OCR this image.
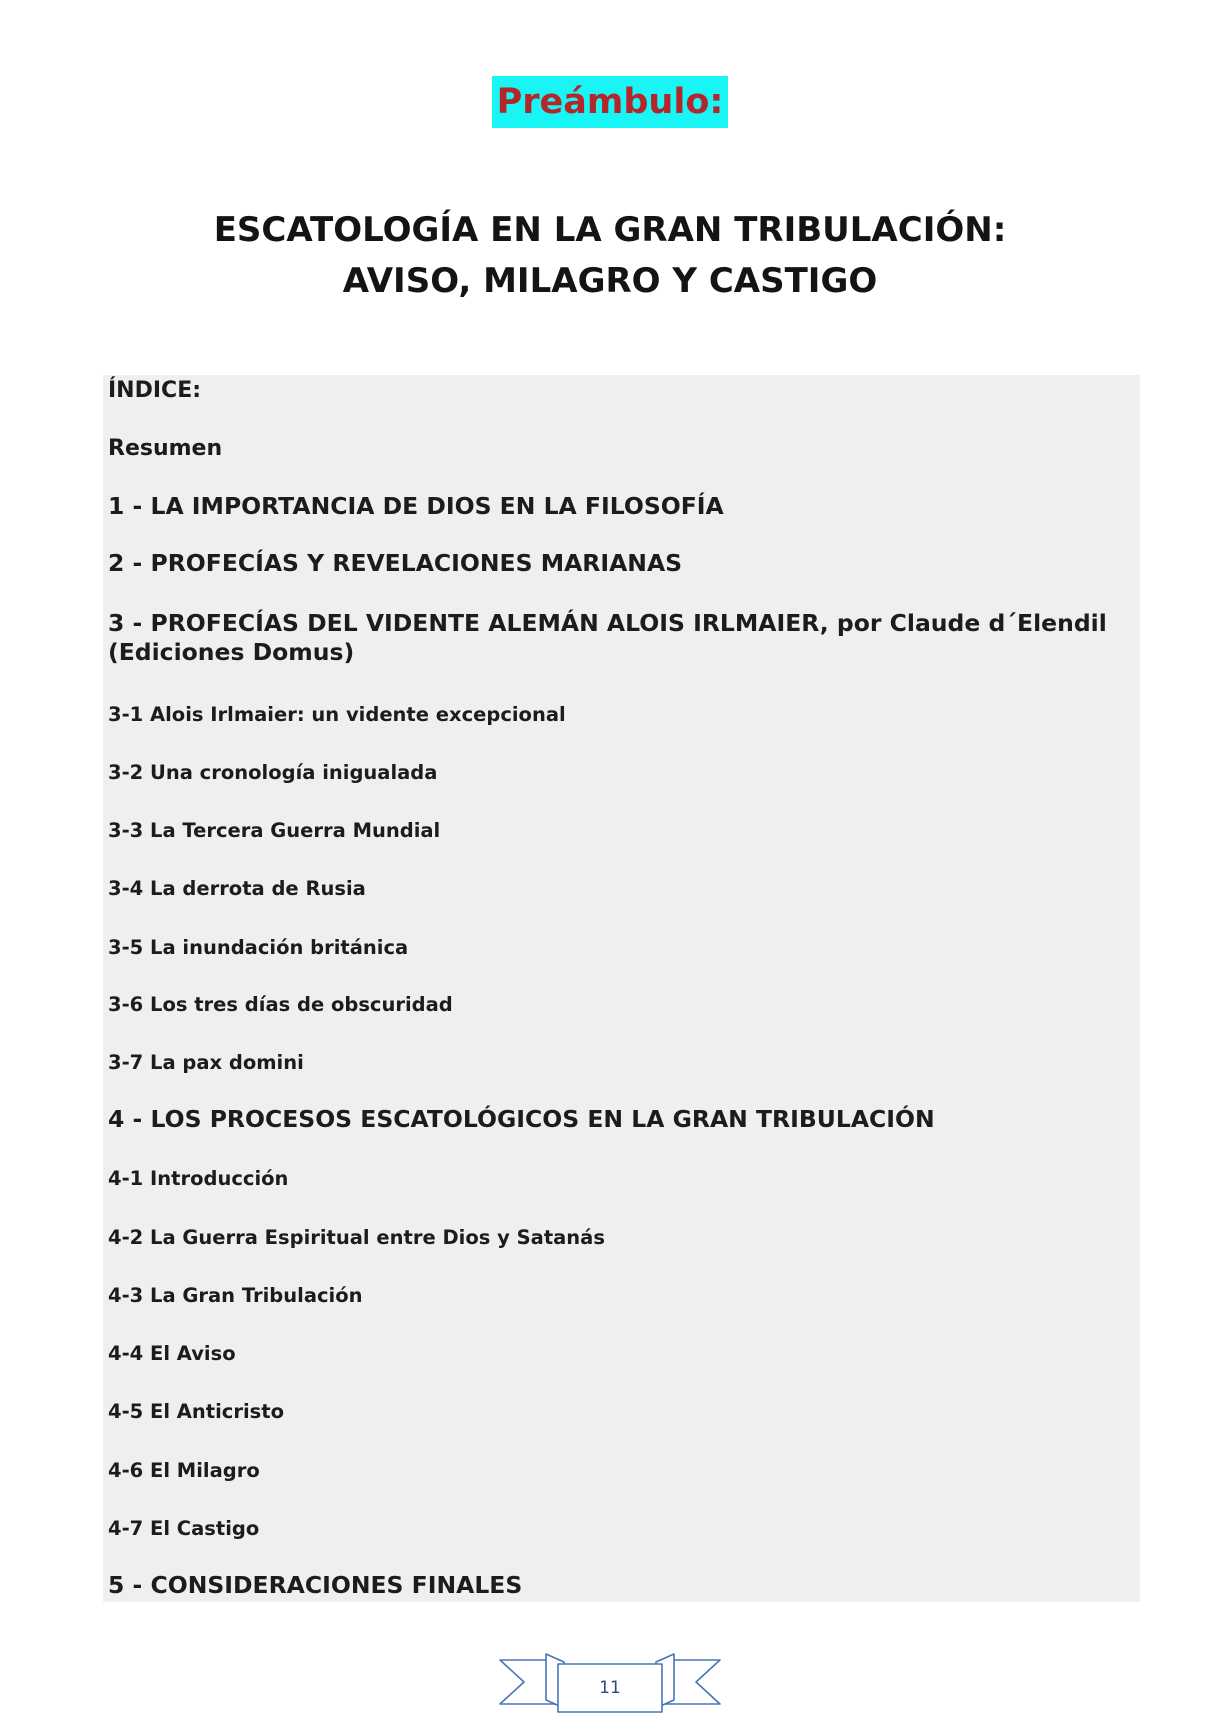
Preámbulo:
ESCATOLOGÍA EN LA GRAN TRIBULACIÓN:
AVISO, MILAGRO Y CASTIGO
ÍNDICE:
Resumen
1 - LA IMPORTANCIA DE DIOS EN LA FILOSOFÍA
2 - PROFECÍAS Y REVELACIONES MARIANAS
3 - PROFECÍAS DEL VIDENTE ALEMÁN ALOIS IRLMAIER, por Claude d´Elendil (Ediciones Domus)
3-1 Alois Irlmaier: un vidente excepcional
3-2 Una cronología inigualada
3-3 La Tercera Guerra Mundial
3-4 La derrota de Rusia
3-5 La inundación británica
3-6 Los tres días de obscuridad
3-7 La pax domini
4 - LOS PROCESOS ESCATOLÓGICOS EN LA GRAN TRIBULACIÓN
4-1 Introducción
4-2 La Guerra Espiritual entre Dios y Satanás
4-3 La Gran Tribulación
4-4 El Aviso
4-5 El Anticristo
4-6 El Milagro
4-7 El Castigo
5 - CONSIDERACIONES FINALES
11
